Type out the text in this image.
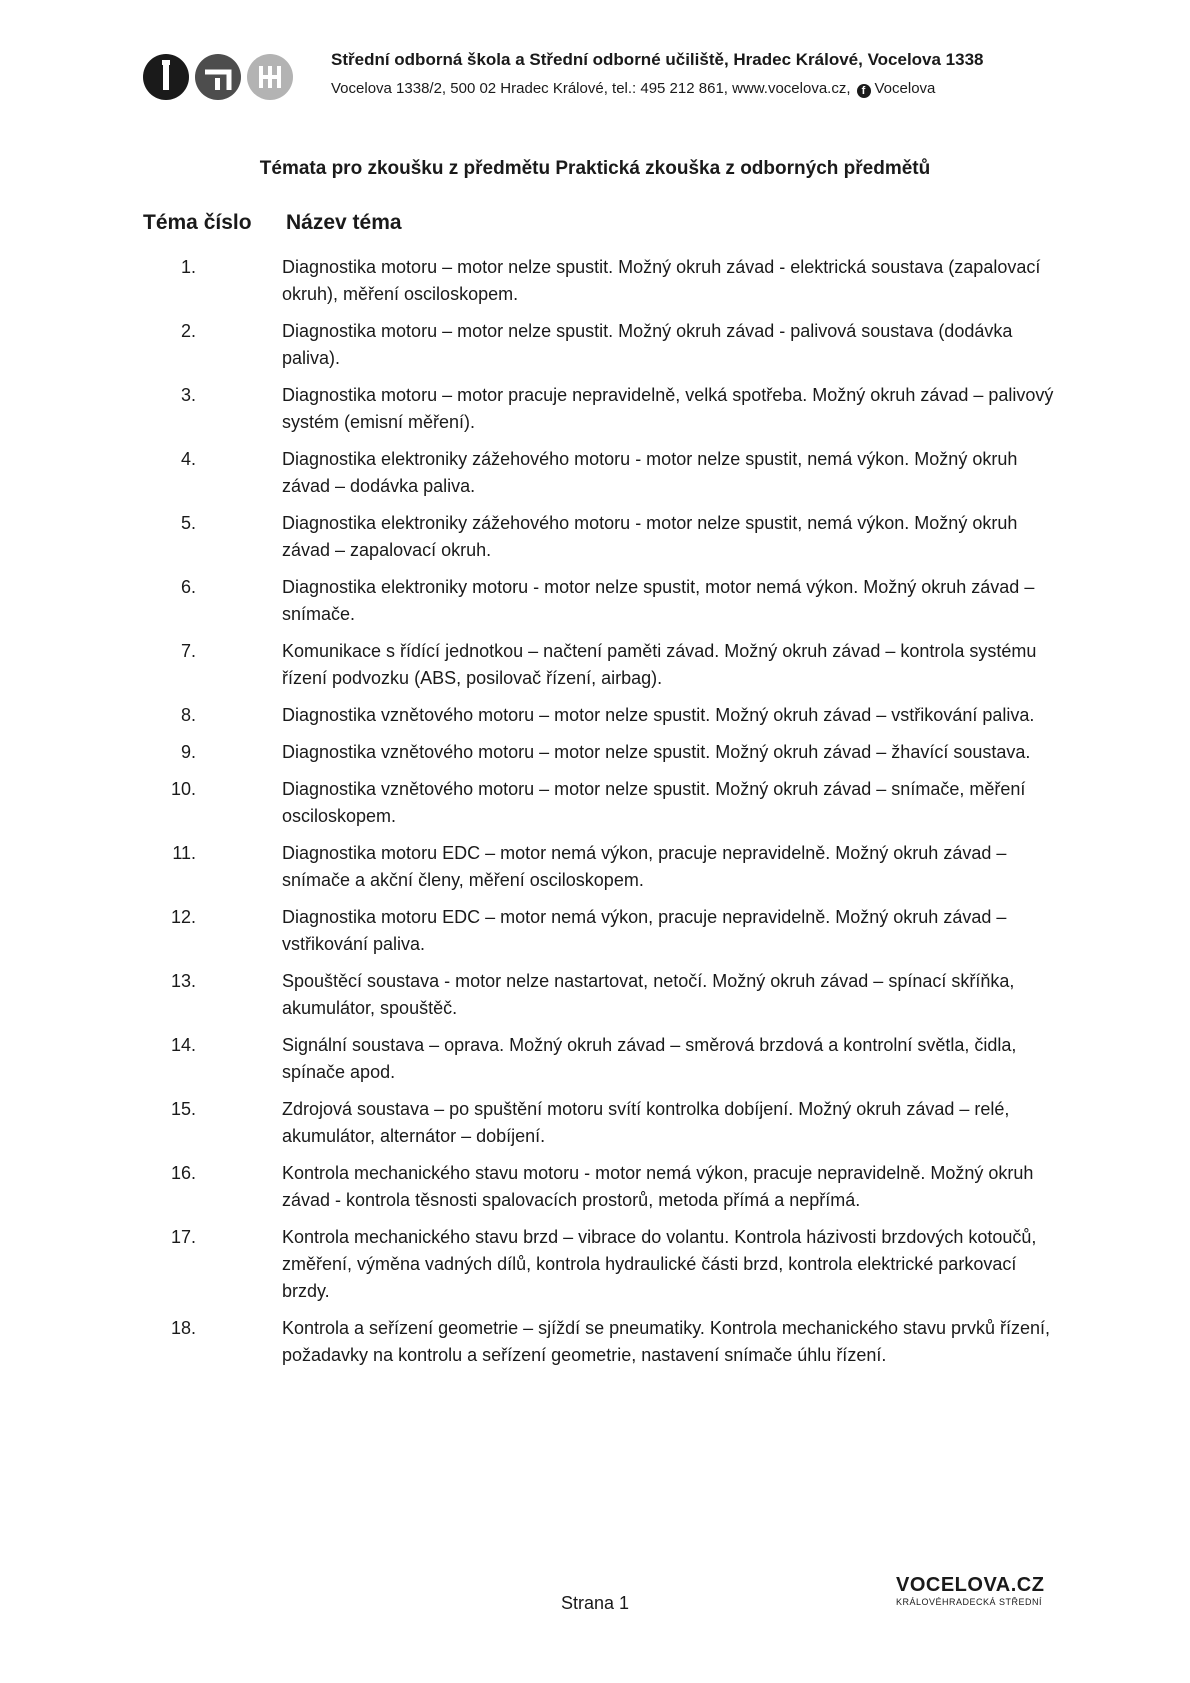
Střední odborná škola a Střední odborné učiliště, Hradec Králové, Vocelova 1338
Vocelova 1338/2, 500 02 Hradec Králové, tel.: 495 212 861, www.vocelova.cz, f Vocelova
Témata pro zkoušku z předmětu Praktická zkouška z odborných předmětů
Téma číslo Název téma
1.	Diagnostika motoru – motor nelze spustit. Možný okruh závad - elektrická soustava (zapalovací okruh), měření osciloskopem.
2.	Diagnostika motoru – motor nelze spustit. Možný okruh závad - palivová soustava (dodávka paliva).
3.	Diagnostika motoru – motor pracuje nepravidelně, velká spotřeba. Možný okruh závad – palivový systém (emisní měření).
4.	Diagnostika elektroniky zážehového motoru - motor nelze spustit, nemá výkon. Možný okruh závad – dodávka paliva.
5.	Diagnostika elektroniky zážehového motoru - motor nelze spustit, nemá výkon. Možný okruh závad – zapalovací okruh.
6.	Diagnostika elektroniky motoru - motor nelze spustit, motor nemá výkon. Možný okruh závad – snímače.
7.	Komunikace s řídící jednotkou – načtení paměti závad. Možný okruh závad – kontrola systému řízení podvozku (ABS, posilovač řízení, airbag).
8.	Diagnostika vznětového motoru – motor nelze spustit. Možný okruh závad – vstřikování paliva.
9.	Diagnostika vznětového motoru – motor nelze spustit. Možný okruh závad – žhavící soustava.
10.	Diagnostika vznětového motoru – motor nelze spustit. Možný okruh závad – snímače, měření osciloskopem.
11.	Diagnostika motoru EDC – motor nemá výkon, pracuje nepravidelně. Možný okruh závad – snímače a akční členy, měření osciloskopem.
12.	Diagnostika motoru EDC – motor nemá výkon, pracuje nepravidelně. Možný okruh závad – vstřikování paliva.
13.	Spouštěcí soustava - motor nelze nastartovat, netočí. Možný okruh závad – spínací skříňka, akumulátor, spouštěč.
14.	Signální soustava – oprava. Možný okruh závad – směrová brzdová a kontrolní světla, čidla, spínače apod.
15.	Zdrojová soustava – po spuštění motoru svítí kontrolka dobíjení. Možný okruh závad – relé, akumulátor, alternátor – dobíjení.
16.	Kontrola mechanického stavu motoru - motor nemá výkon, pracuje nepravidelně. Možný okruh závad - kontrola těsnosti spalovacích prostorů, metoda přímá a nepřímá.
17.	Kontrola mechanického stavu brzd – vibrace do volantu. Kontrola házivosti brzdových kotoučů, změření, výměna vadných dílů, kontrola hydraulické části brzd, kontrola elektrické parkovací brzdy.
18.	Kontrola a seřízení geometrie – sjíždí se pneumatiky. Kontrola mechanického stavu prvků řízení, požadavky na kontrolu a seřízení geometrie, nastavení snímače úhlu řízení.
Strana 1
VOCELOVA.CZ
KRÁLOVÉHRADECKÁ STŘEDNÍ
